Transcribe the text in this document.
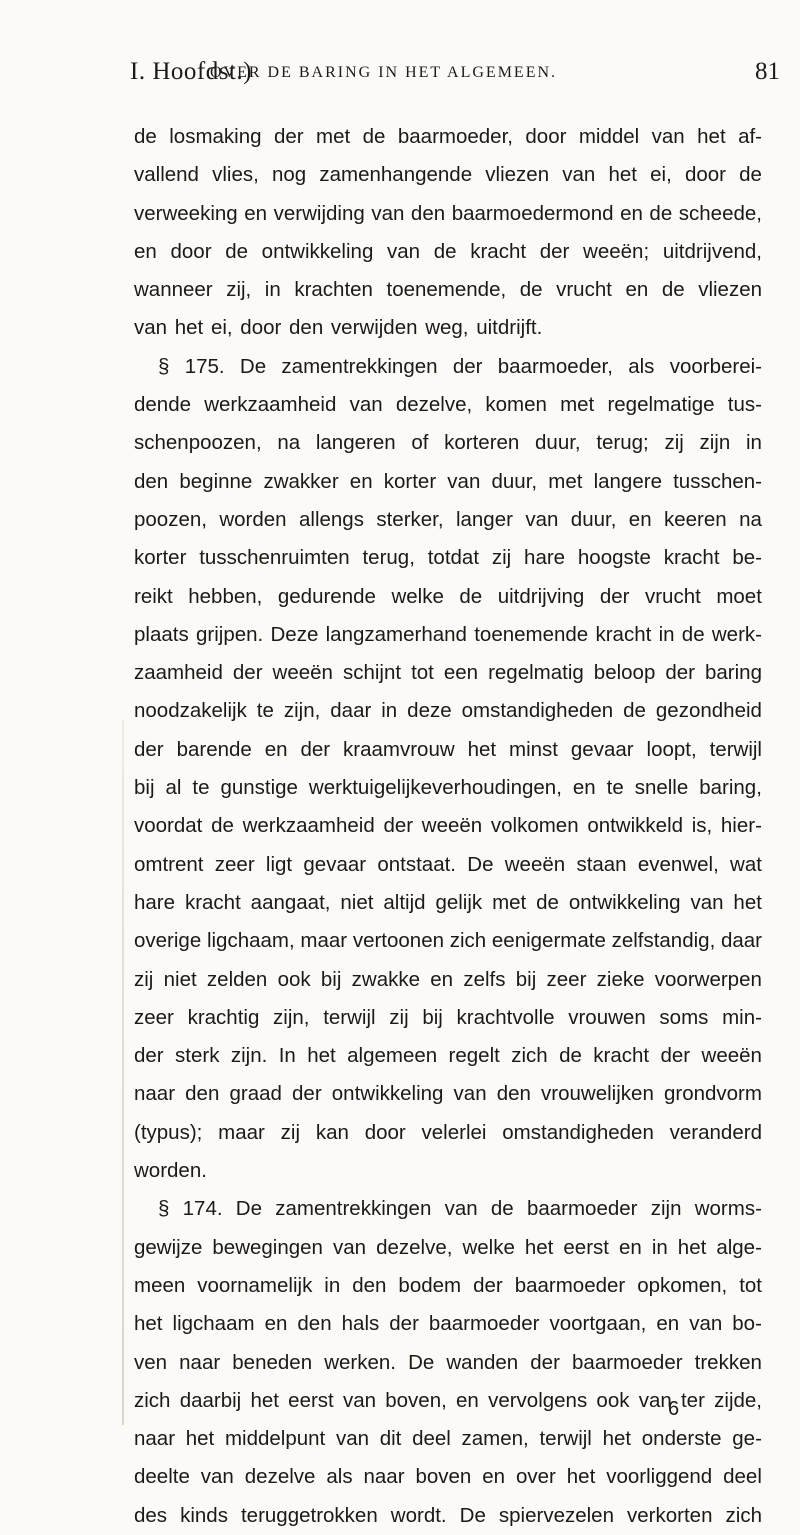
I. Hoofdst.)
OVER DE BARING IN HET ALGEMEEN.	81
de losmaking der met de baarmoeder, door middel van het af-
vallend vlies, nog zamenhangende vliezen van het ei, door de
verweeking en verwijding van den baarmoedermond en de scheede,
en door de ontwikkeling van de kracht der weeën; uitdrijvend,
wanneer zij, in krachten toenemende, de vrucht en de vliezen
van het ei, door den verwijden weg, uitdrijft.
§ 175. De zamentrekkingen der baarmoeder, als voorberei-
dende werkzaamheid van dezelve, komen met regelmatige tus-
schenpoozen, na langeren of korteren duur, terug; zij zijn in
den beginne zwakker en korter van duur, met langere tusschen-
poozen, worden allengs sterker, langer van duur, en keeren na
korter tusschenruimten terug, totdat zij hare hoogste kracht be-
reikt hebben, gedurende welke de uitdrijving der vrucht moet
plaats grijpen. Deze langzamerhand toenemende kracht in de werk-
zaamheid der weeën schijnt tot een regelmatig beloop der baring
noodzakelijk te zijn, daar in deze omstandigheden de gezondheid
der barende en der kraamvrouw het minst gevaar loopt, terwijl
bij al te gunstige werktuigelijkeverhoudingen, en te snelle baring,
voordat de werkzaamheid der weeën volkomen ontwikkeld is, hier-
omtrent zeer ligt gevaar ontstaat. De weeën staan evenwel, wat
hare kracht aangaat, niet altijd gelijk met de ontwikkeling van het
overige ligchaam, maar vertoonen zich eenigermate zelfstandig, daar
zij niet zelden ook bij zwakke en zelfs bij zeer zieke voorwerpen
zeer krachtig zijn, terwijl zij bij krachtvolle vrouwen soms min-
der sterk zijn. In het algemeen regelt zich de kracht der weeën
naar den graad der ontwikkeling van den vrouwelijken grondvorm
(typus); maar zij kan door velerlei omstandigheden veranderd
worden.
§ 174. De zamentrekkingen van de baarmoeder zijn worms-
gewijze bewegingen van dezelve, welke het eerst en in het alge-
meen voornamelijk in den bodem der baarmoeder opkomen, tot
het ligchaam en den hals der baarmoeder voortgaan, en van bo-
ven naar beneden werken. De wanden der baarmoeder trekken
zich daarbij het eerst van boven, en vervolgens ook van ter zijde,
naar het middelpunt van dit deel zamen, terwijl het onderste ge-
deelte van dezelve als naar boven en over het voorliggend deel
des kinds teruggetrokken wordt. De spiervezelen verkorten zich
6
